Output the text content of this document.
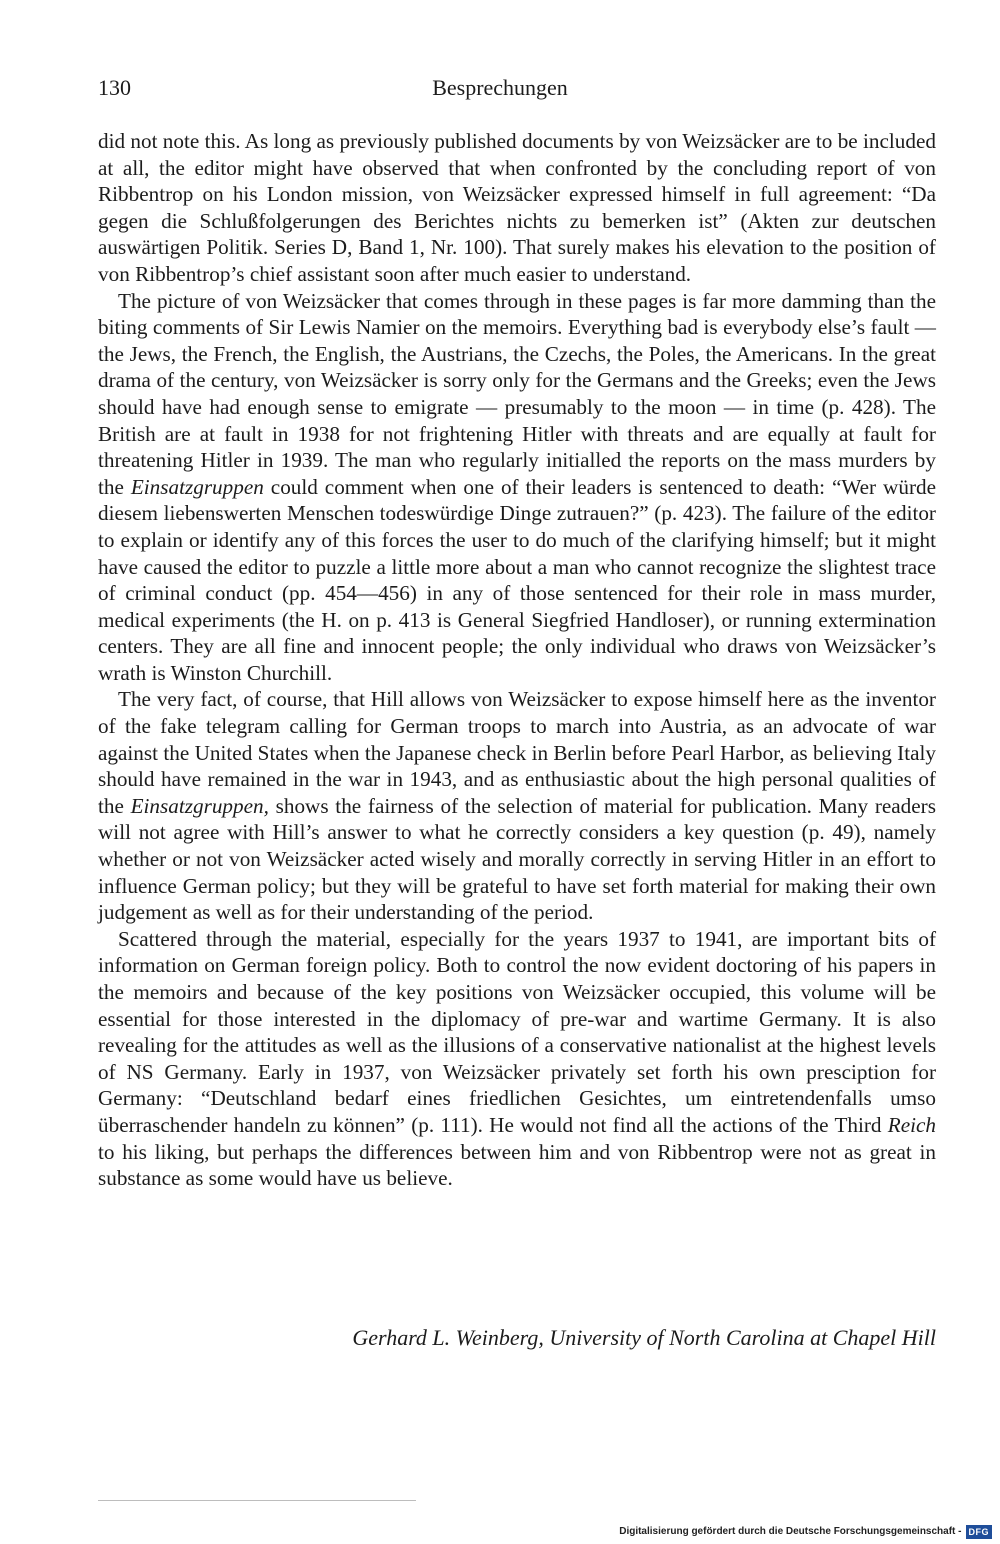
130	Besprechungen

did not note this. As long as previously published documents by von Weizsäcker are to be included at all, the editor might have observed that when confronted by the concluding report of von Ribbentrop on his London mission, von Weizsäcker expressed himself in full agreement: “Da gegen die Schlußfolgerungen des Berichtes nichts zu bemerken ist” (Akten zur deutschen auswärtigen Politik. Series D, Band 1, Nr. 100). That surely makes his elevation to the position of von Ribbentrop’s chief assistant soon after much easier to understand.

The picture of von Weizsäcker that comes through in these pages is far more damming than the biting comments of Sir Lewis Namier on the memoirs. Everything bad is everybody else’s fault — the Jews, the French, the English, the Austrians, the Czechs, the Poles, the Americans. In the great drama of the century, von Weizsäcker is sorry only for the Germans and the Greeks; even the Jews should have had enough sense to emigrate — presumably to the moon — in time (p. 428). The British are at fault in 1938 for not frightening Hitler with threats and are equally at fault for threatening Hitler in 1939. The man who regularly initialled the reports on the mass murders by the Einsatzgruppen could comment when one of their leaders is sentenced to death: “Wer würde diesem liebenswerten Menschen todeswürdige Dinge zutrauen?” (p. 423). The failure of the editor to explain or identify any of this forces the user to do much of the clarifying himself; but it might have caused the editor to puzzle a little more about a man who cannot recognize the slightest trace of criminal conduct (pp. 454—456) in any of those sentenced for their role in mass murder, medical experiments (the H. on p. 413 is General Siegfried Handloser), or running extermination centers. They are all fine and innocent people; the only individual who draws von Weizsäcker’s wrath is Winston Churchill.

The very fact, of course, that Hill allows von Weizsäcker to expose himself here as the inventor of the fake telegram calling for German troops to march into Austria, as an advocate of war against the United States when the Japanese check in Berlin before Pearl Harbor, as believing Italy should have remained in the war in 1943, and as enthusiastic about the high personal qualities of the Einsatzgruppen, shows the fairness of the selection of material for publication. Many readers will not agree with Hill’s answer to what he correctly considers a key question (p. 49), namely whether or not von Weizsäcker acted wisely and morally correctly in serving Hitler in an effort to influence German policy; but they will be grateful to have set forth material for making their own judgement as well as for their understanding of the period.

Scattered through the material, especially for the years 1937 to 1941, are important bits of information on German foreign policy. Both to control the now evident doctoring of his papers in the memoirs and because of the key positions von Weizsäcker occupied, this volume will be essential for those interested in the diplomacy of pre-war and wartime Germany. It is also revealing for the attitudes as well as the illusions of a conservative nationalist at the highest levels of NS Germany. Early in 1937, von Weizsäcker privately set forth his own presciption for Germany: “Deutschland bedarf eines friedlichen Gesichtes, um eintretendenfalls umso überraschender handeln zu können” (p. 111). He would not find all the actions of the Third Reich to his liking, but perhaps the differences between him and von Ribbentrop were not as great in substance as some would have us believe.

Gerhard L. Weinberg, University of North Carolina at Chapel Hill
Digitalisierung gefördert durch die Deutsche Forschungsgemeinschaft - DFG
